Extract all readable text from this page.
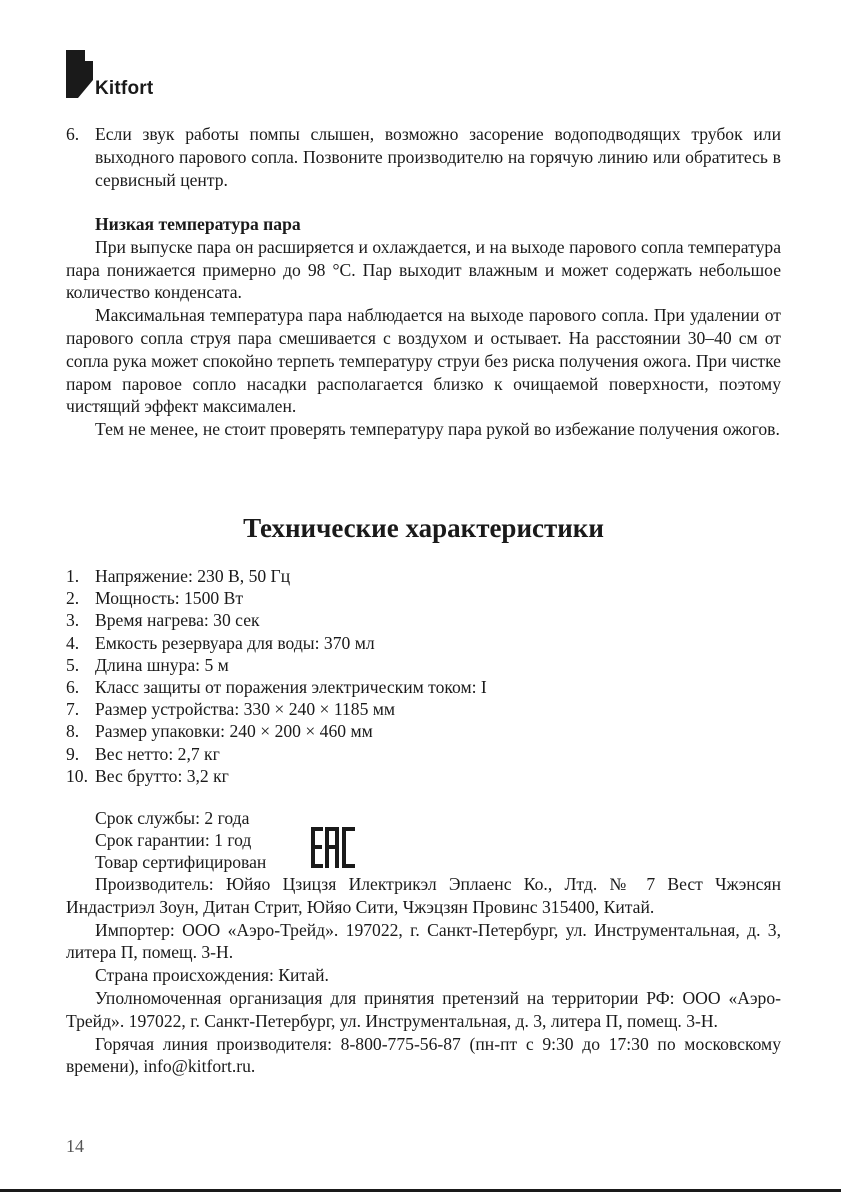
Kitfort
6. Если звук работы помпы слышен, возможно засорение водоподводящих трубок или выходного парового сопла. Позвоните производителю на горячую линию или обратитесь в сервисный центр.
Низкая температура пара
При выпуске пара он расширяется и охлаждается, и на выходе парового сопла температура пара понижается примерно до 98 °C. Пар выходит влажным и может содержать небольшое количество конденсата.
Максимальная температура пара наблюдается на выходе парового сопла. При удалении от парового сопла струя пара смешивается с воздухом и остывает. На расстоянии 30–40 см от сопла рука может спокойно терпеть температуру струи без риска получения ожога. При чистке паром паровое сопло насадки располагается близко к очищаемой поверхности, поэтому чистящий эффект максимален.
Тем не менее, не стоит проверять температуру пара рукой во избежание получения ожогов.
Технические характеристики
1. Напряжение: 230 В, 50 Гц
2. Мощность: 1500 Вт
3. Время нагрева: 30 сек
4. Емкость резервуара для воды: 370 мл
5. Длина шнура: 5 м
6. Класс защиты от поражения электрическим током: I
7. Размер устройства: 330 × 240 × 1185 мм
8. Размер упаковки: 240 × 200 × 460 мм
9. Вес нетто: 2,7 кг
10. Вес брутто: 3,2 кг
Срок службы: 2 года
Срок гарантии: 1 год
Товар сертифицирован
Производитель: Юйяо Цзицзя Илектрикэл Эплаенс Ко., Лтд. № 7 Вест Чжэнсян Индастриэл Зоун, Дитан Стрит, Юйяо Сити, Чжэцзян Провинс 315400, Китай.
Импортер: ООО «Аэро-Трейд». 197022, г. Санкт-Петербург, ул. Инструментальная, д. 3, литера П, помещ. 3-Н.
Страна происхождения: Китай.
Уполномоченная организация для принятия претензий на территории РФ: ООО «Аэро-Трейд». 197022, г. Санкт-Петербург, ул. Инструментальная, д. 3, литера П, помещ. 3-Н.
Горячая линия производителя: 8-800-775-56-87 (пн-пт с 9:30 до 17:30 по московскому времени), info@kitfort.ru.
14
